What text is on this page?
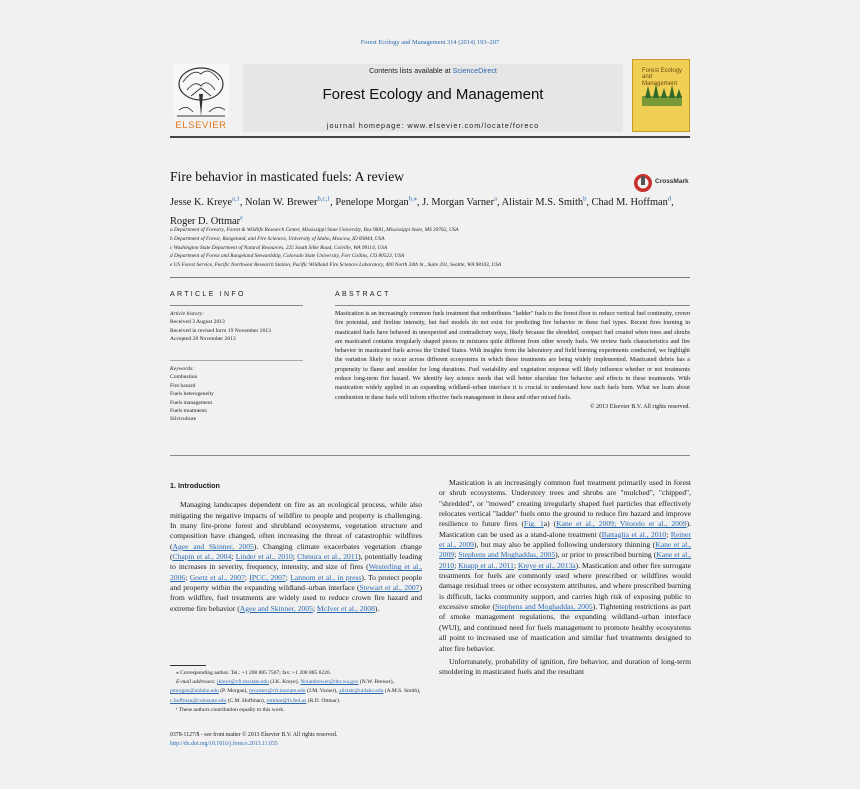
Forest Ecology and Management 314 (2014) 193–207
ELSEVIER
Contents lists available at ScienceDirect
Forest Ecology and Management
journal homepage: www.elsevier.com/locate/foreco
Forest Ecology and Management
Fire behavior in masticated fuels: A review	CrossMark
Jesse K. Kreye$^{a,1}$, Nolan W. Brewer$^{b,c,1}$, Penelope Morgan$^{b,⁎}$, J. Morgan Varner$^a$, Alistair M.S. Smith$^b$, Chad M. Hoffman$^d$, Roger D. Ottmar$^e$
a Department of Forestry, Forest & Wildlife Research Center, Mississippi State University, Box 9681, Mississippi State, MS 39762, USA
b Department of Forest, Rangeland, and Fire Sciences, University of Idaho, Moscow, ID 83844, USA
c Washington State Department of Natural Resources, 225 South Silke Road, Colville, WA 99114, USA
d Department of Forest and Rangeland Stewardship, Colorado State University, Fort Collins, CO 80523, USA
e US Forest Service, Pacific Northwest Research Station, Pacific Wildland Fire Sciences Laboratory, 400 North 34th St., Suite 201, Seattle, WA 98103, USA
ARTICLE INFO	ABSTRACT
Article history:
Received 3 August 2013
Received in revised form 19 November 2013
Accepted 28 November 2013
Keywords:
Combustion
Fire hazard
Fuels heterogeneity
Fuels management
Fuels treatments
Silviculture
Mastication is an increasingly common fuels treatment that redistributes "ladder" fuels to the forest floor to reduce vertical fuel continuity, crown fire potential, and fireline intensity, but fuel models do not exist for predicting fire behavior in these fuel types. Recent fires burning in masticated fuels have behaved in unexpected and contradictory ways, likely because the shredded, compact fuel created when trees and shrubs are masticated contains irregularly shaped pieces in mixtures quite different from other woody fuels. We review fuels characteristics and fire behavior in masticated fuels across the United States. With insights from the laboratory and field burning experiments conducted, we highlight the variation likely to occur across different ecosystems in which these treatments are being widely implemented. Masticated debris has a propensity to flame and smolder for long durations. Fuel variability and vegetation response will likely influence whether or not treatments reduce long-term fire hazard. We identify key science needs that will better elucidate fire behavior and effects in these treatments. With mastication widely applied in an expanding wildland–urban interface it is crucial to understand how such fuels burn. What we learn about combustion in these fuels will inform effective fuels management in these and other mixed fuels.
© 2013 Elsevier B.V. All rights reserved.
1. Introduction

Managing landscapes dependent on fire as an ecological process, while also mitigating the negative impacts of wildfire to people and property is challenging. In many fire-prone forest and shrubland ecosystems, vegetation structure and composition have changed, often increasing the threat of catastrophic wildfires (Agee and Skinner, 2005). Changing climate exacerbates vegetation change (Chapin et al., 2004; Linder et al., 2010; Chmura et al., 2011), potentially leading to increases in severity, frequency, intensity, and size of fires (Westerling et al., 2006; Goetz et al., 2007; IPCC, 2007; Lannom et al., in press). To protect people and property within the expanding wildland–urban interface (Stewart et al., 2007) from wildfire, fuel treatments are widely used to reduce crown fire hazard and extreme fire behavior (Agee and Skinner, 2005; McIver et al., 2008).

Mastication is an increasingly common fuel treatment primarily used in forest or shrub ecosystems. Understory trees and shrubs are "mulched", "chipped", "shredded", or "mowed" creating irregularly shaped fuel particles that effectively relocates vertical "ladder" fuels onto the ground to reduce fire hazard and improve resilience to future fires (Fig. 1a) (Kane et al., 2009; Vitorelo et al., 2009). Mastication can be used as a stand-alone treatment (Battaglia et al., 2010; Reiner et al., 2009), but may also be applied following understory thinning (Kane et al., 2009; Stephens and Moghaddas, 2005), or prior to prescribed burning (Kane et al., 2010; Knapp et al., 2011; Kreye et al., 2013a). Mastication and other fire surrogate treatments for fuels are commonly used where prescribed or wildfires would damage residual trees or other ecosystem attributes, and where prescribed burning is difficult, lacks community support, and carries high risk of exposing public to excessive smoke (Stephens and Moghaddas, 2005). Tightening restrictions as part of smoke management regulations, the expanding wildland–urban interface (WUI), and continued need for fuels management to promote healthy ecosystems all point to increased use of mastication and similar fuel treatments designed to alter fire behavior.

Unfortunately, probability of ignition, fire behavior, and duration of long-term smoldering in masticated fuels and the resultant

⁎ Corresponding author. Tel.: +1 208 885 7507; fax: +1 208 885 6226.
E-mail addresses: jkreye@cfr.msstate.edu (J.K. Kreye), Nolanbrewer@dnr.wa.gov (N.W. Brewer), pmorgan@uidaho.edu (P. Morgan), mvarner@cfr.msstate.edu (J.M. Varner), alistair@uidaho.edu (A.M.S. Smith), c.hoffman@colostate.edu (C.M. Hoffman), rottmar@fs.fed.us (R.D. Ottmar).
¹ These authors contribution equally to this work.
0378-1127/$ - see front matter © 2013 Elsevier B.V. All rights reserved.
http://dx.doi.org/10.1016/j.foreco.2013.11.035
